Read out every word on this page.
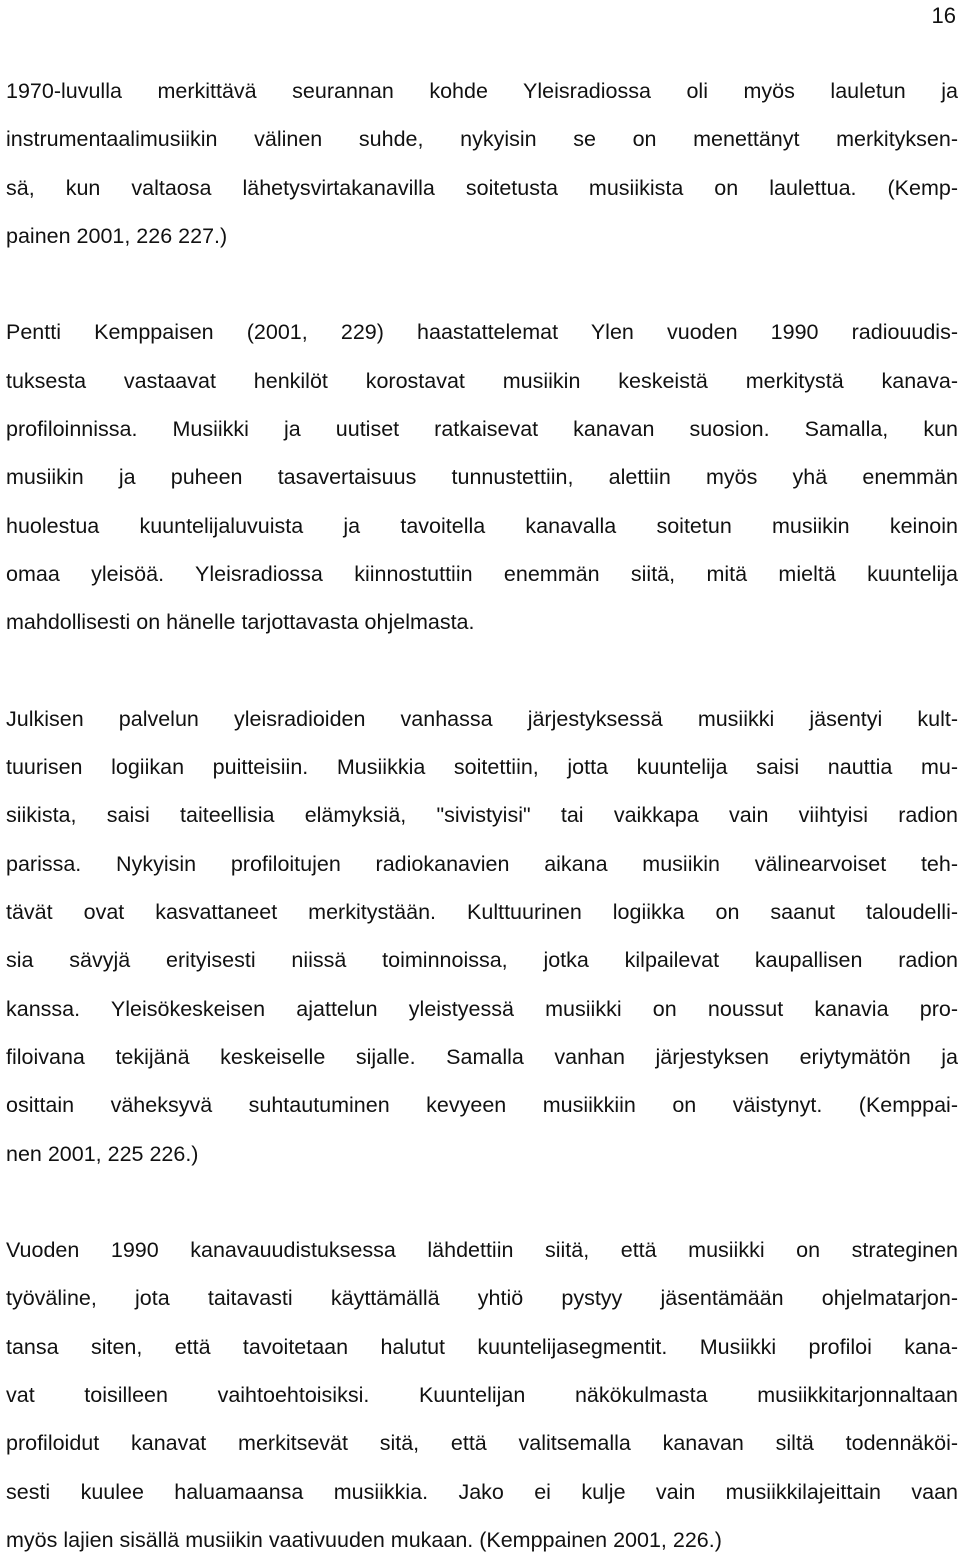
16
1970-luvulla merkittävä seurannan kohde Yleisradiossa oli myös lauletun ja
instrumentaalimusiikin välinen suhde, nykyisin se on menettänyt merkityksen-
sä, kun valtaosa lähetysvirtakanavilla soitetusta musiikista on laulettua. (Kemp-
painen 2001, 226 227.)
Pentti Kemppaisen (2001, 229) haastattelemat Ylen vuoden 1990 radiouudis-
tuksesta vastaavat henkilöt korostavat musiikin keskeistä merkitystä kanava-
profiloinnissa. Musiikki ja uutiset ratkaisevat kanavan suosion. Samalla, kun
musiikin ja puheen tasavertaisuus tunnustettiin, alettiin myös yhä enemmän
huolestua kuuntelijaluvuista ja tavoitella kanavalla soitetun musiikin keinoin
omaa yleisöä. Yleisradiossa kiinnostuttiin enemmän siitä, mitä mieltä kuuntelija
mahdollisesti on hänelle tarjottavasta ohjelmasta.
Julkisen palvelun yleisradioiden vanhassa järjestyksessä musiikki jäsentyi kult-
tuurisen logiikan puitteisiin. Musiikkia soitettiin, jotta kuuntelija saisi nauttia mu-
siikista, saisi taiteellisia elämyksiä, "sivistyisi" tai vaikkapa vain viihtyisi radion
parissa. Nykyisin profiloitujen radiokanavien aikana musiikin välinearvoiset teh-
tävät ovat kasvattaneet merkitystään. Kulttuurinen logiikka on saanut taloudelli-
sia sävyjä erityisesti niissä toiminnoissa, jotka kilpailevat kaupallisen radion
kanssa. Yleisökeskeisen ajattelun yleistyessä musiikki on noussut kanavia pro-
filoivana tekijänä keskeiselle sijalle. Samalla vanhan järjestyksen eriytymätön ja
osittain väheksyvä suhtautuminen kevyeen musiikkiin on väistynyt. (Kemppai-
nen 2001, 225 226.)
Vuoden 1990 kanavauudistuksessa lähdettiin siitä, että musiikki on strateginen
työväline, jota taitavasti käyttämällä yhtiö pystyy jäsentämään ohjelmatarjon-
tansa siten, että tavoitetaan halutut kuuntelijasegmentit. Musiikki profiloi kana-
vat toisilleen vaihtoehtoisiksi. Kuuntelijan näkökulmasta musiikkitarjonnaltaan
profiloidut kanavat merkitsevät sitä, että valitsemalla kanavan siltä todennäköi-
sesti kuulee haluamaansa musiikkia. Jako ei kulje vain musiikkilajeittain vaan
myös lajien sisällä musiikin vaativuuden mukaan. (Kemppainen 2001, 226.)
